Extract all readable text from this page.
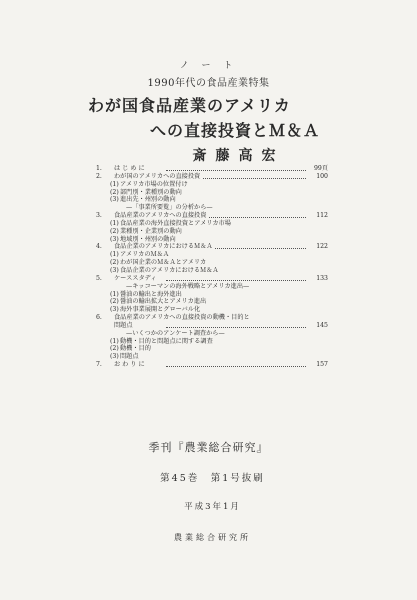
ノ ー ト
1990年代の食品産業特集
わが国食品産業のアメリカ
への直接投資とＭ＆Ａ
斎藤高宏
1.	は じ め に	99頁
2.	わが国のアメリカへの直接投資	100
(1) アメリカ市場の位置付け
(2) 部門別・業種別の動向
(3) 進出先・州別の動向
—「事業所要覧」の分析から—
3.	食品産業のアメリカへの直接投資	112
(1) 食品産業の海外直接投資とアメリカ市場
(2) 業種別・企業別の動向
(3) 地域別・州別の動向
4.	食品企業のアメリカにおけるＭ＆Ａ	122
(1) アメリカのＭ＆Ａ
(2) わが国企業のＭ＆Ａとアメリカ
(3) 食品企業のアメリカにおけるＭ＆Ａ
5.	ケーススタディ	133
—キッコーマンの海外戦略とアメリカ進出—
(1) 醤油の輸出と海外進出
(2) 醤油の輸出拡大とアメリカ進出
(3) 海外事業展開とグローバル化
6.	食品産業のアメリカへの直接投資の動機・目的と
問題点	145
—いくつかのアンケート調査から—
(1) 動機・目的と問題点に関する調査
(2) 動機・目的
(3) 問題点
7.	お わ り に	157
季刊『農業総合研究』
第45巻　第1号抜刷
平成3年1月
農業総合研究所
